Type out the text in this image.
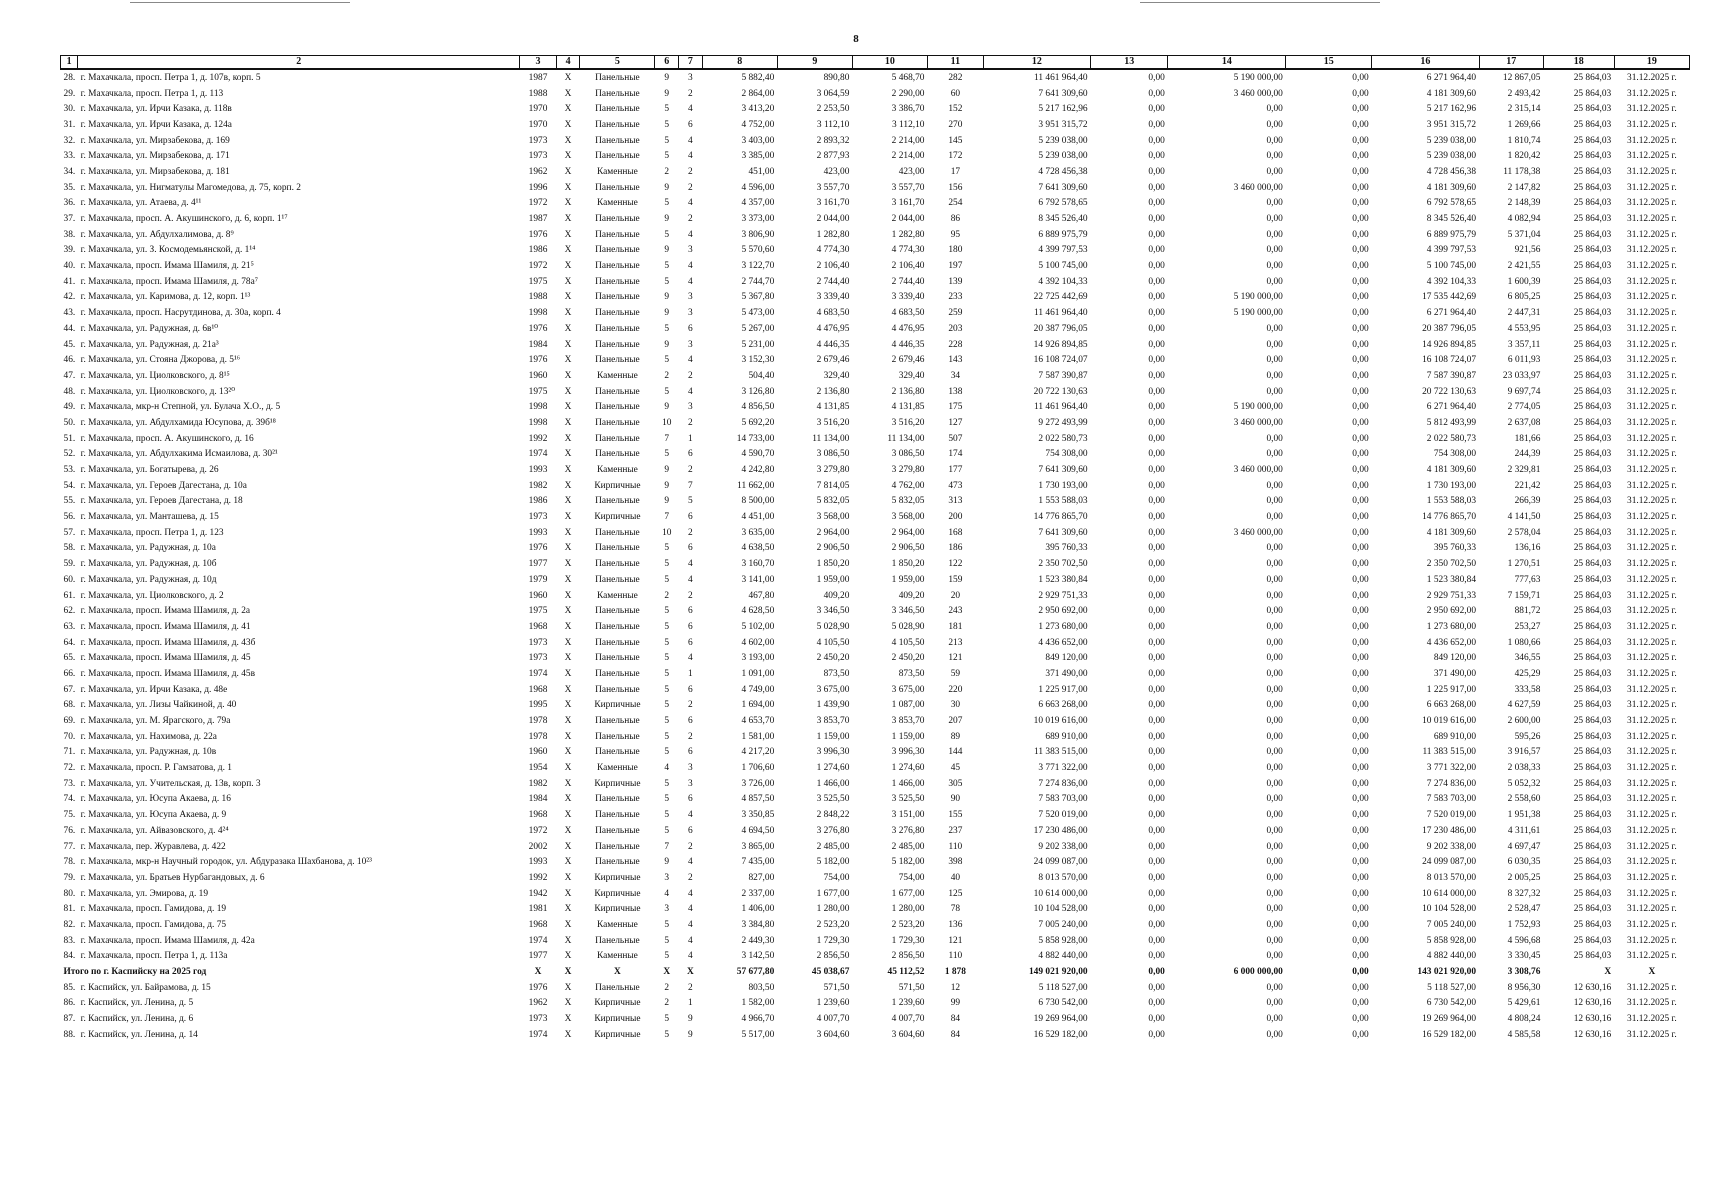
8
1	2	3	4	5	6	7	8	9	10	11	12	13	14	15	16	17	18	19
28.	г. Махачкала, просп. Петра 1, д. 107в, корп. 5	1987	X	Панельные	9	3	5 882,40	890,80	5 468,70	282	11 461 964,40	0,00	5 190 000,00	0,00	6 271 964,40	12 867,05	25 864,03	31.12.2025 г.
29.	г. Махачкала, просп. Петра 1, д. 113	1988	X	Панельные	9	2	2 864,00	3 064,59	2 290,00	60	7 641 309,60	0,00	3 460 000,00	0,00	4 181 309,60	2 493,42	25 864,03	31.12.2025 г.
30.	г. Махачкала, ул. Ирчи Казака, д. 118в	1970	X	Панельные	5	4	3 413,20	2 253,50	3 386,70	152	5 217 162,96	0,00	0,00	0,00	5 217 162,96	2 315,14	25 864,03	31.12.2025 г.
31.	г. Махачкала, ул. Ирчи Казака, д. 124а	1970	X	Панельные	5	6	4 752,00	3 112,10	3 112,10	270	3 951 315,72	0,00	0,00	0,00	3 951 315,72	1 269,66	25 864,03	31.12.2025 г.
32.	г. Махачкала, ул. Мирзабекова, д. 169	1973	X	Панельные	5	4	3 403,00	2 893,32	2 214,00	145	5 239 038,00	0,00	0,00	0,00	5 239 038,00	1 810,74	25 864,03	31.12.2025 г.
33.	г. Махачкала, ул. Мирзабекова, д. 171	1973	X	Панельные	5	4	3 385,00	2 877,93	2 214,00	172	5 239 038,00	0,00	0,00	0,00	5 239 038,00	1 820,42	25 864,03	31.12.2025 г.
34.	г. Махачкала, ул. Мирзабекова, д. 181	1962	X	Каменные	2	2	451,00	423,00	423,00	17	4 728 456,38	0,00	0,00	0,00	4 728 456,38	11 178,38	25 864,03	31.12.2025 г.
35.	г. Махачкала, ул. Нигматулы Магомедова, д. 75, корп. 2	1996	X	Панельные	9	2	4 596,00	3 557,70	3 557,70	156	7 641 309,60	0,00	3 460 000,00	0,00	4 181 309,60	2 147,82	25 864,03	31.12.2025 г.
36.	г. Махачкала, ул. Атаева, д. 4¹¹	1972	X	Каменные	5	4	4 357,00	3 161,70	3 161,70	254	6 792 578,65	0,00	0,00	0,00	6 792 578,65	2 148,39	25 864,03	31.12.2025 г.
37.	г. Махачкала, просп. А. Акушинского, д. 6, корп. 1¹⁷	1987	X	Панельные	9	2	3 373,00	2 044,00	2 044,00	86	8 345 526,40	0,00	0,00	0,00	8 345 526,40	4 082,94	25 864,03	31.12.2025 г.
38.	г. Махачкала, ул. Абдулхалимова, д. 8⁹	1976	X	Панельные	5	4	3 806,90	1 282,80	1 282,80	95	6 889 975,79	0,00	0,00	0,00	6 889 975,79	5 371,04	25 864,03	31.12.2025 г.
39.	г. Махачкала, ул. З. Космодемьянской, д. 1¹⁴	1986	X	Панельные	9	3	5 570,60	4 774,30	4 774,30	180	4 399 797,53	0,00	0,00	0,00	4 399 797,53	921,56	25 864,03	31.12.2025 г.
40.	г. Махачкала, просп. Имама Шамиля, д. 21⁵	1972	X	Панельные	5	4	3 122,70	2 106,40	2 106,40	197	5 100 745,00	0,00	0,00	0,00	5 100 745,00	2 421,55	25 864,03	31.12.2025 г.
41.	г. Махачкала, просп. Имама Шамиля, д. 78а⁷	1975	X	Панельные	5	4	2 744,70	2 744,40	2 744,40	139	4 392 104,33	0,00	0,00	0,00	4 392 104,33	1 600,39	25 864,03	31.12.2025 г.
42.	г. Махачкала, ул. Каримова, д. 12, корп. 1¹³	1988	X	Панельные	9	3	5 367,80	3 339,40	3 339,40	233	22 725 442,69	0,00	5 190 000,00	0,00	17 535 442,69	6 805,25	25 864,03	31.12.2025 г.
43.	г. Махачкала, просп. Насрутдинова, д. 30а, корп. 4	1998	X	Панельные	9	3	5 473,00	4 683,50	4 683,50	259	11 461 964,40	0,00	5 190 000,00	0,00	6 271 964,40	2 447,31	25 864,03	31.12.2025 г.
44.	г. Махачкала, ул. Радужная, д. 6в¹⁰	1976	X	Панельные	5	6	5 267,00	4 476,95	4 476,95	203	20 387 796,05	0,00	0,00	0,00	20 387 796,05	4 553,95	25 864,03	31.12.2025 г.
45.	г. Махачкала, ул. Радужная, д. 21а³	1984	X	Панельные	9	3	5 231,00	4 446,35	4 446,35	228	14 926 894,85	0,00	0,00	0,00	14 926 894,85	3 357,11	25 864,03	31.12.2025 г.
46.	г. Махачкала, ул. Стояна Джорова, д. 5¹⁶	1976	X	Панельные	5	4	3 152,30	2 679,46	2 679,46	143	16 108 724,07	0,00	0,00	0,00	16 108 724,07	6 011,93	25 864,03	31.12.2025 г.
47.	г. Махачкала, ул. Циолковского, д. 8¹⁵	1960	X	Каменные	2	2	504,40	329,40	329,40	34	7 587 390,87	0,00	0,00	0,00	7 587 390,87	23 033,97	25 864,03	31.12.2025 г.
48.	г. Махачкала, ул. Циолковского, д. 13²⁰	1975	X	Панельные	5	4	3 126,80	2 136,80	2 136,80	138	20 722 130,63	0,00	0,00	0,00	20 722 130,63	9 697,74	25 864,03	31.12.2025 г.
49.	г. Махачкала, мкр-н Степной, ул. Булача Х.О., д. 5	1998	X	Панельные	9	3	4 856,50	4 131,85	4 131,85	175	11 461 964,40	0,00	5 190 000,00	0,00	6 271 964,40	2 774,05	25 864,03	31.12.2025 г.
50.	г. Махачкала, ул. Абдулхамида Юсупова, д. 39б¹⁸	1998	X	Панельные	10	2	5 692,20	3 516,20	3 516,20	127	9 272 493,99	0,00	3 460 000,00	0,00	5 812 493,99	2 637,08	25 864,03	31.12.2025 г.
51.	г. Махачкала, просп. А. Акушинского, д. 16	1992	X	Панельные	7	1	14 733,00	11 134,00	11 134,00	507	2 022 580,73	0,00	0,00	0,00	2 022 580,73	181,66	25 864,03	31.12.2025 г.
52.	г. Махачкала, ул. Абдулхакима Исмаилова, д. 30²¹	1974	X	Панельные	5	6	4 590,70	3 086,50	3 086,50	174	754 308,00	0,00	0,00	0,00	754 308,00	244,39	25 864,03	31.12.2025 г.
53.	г. Махачкала, ул. Богатырева, д. 26	1993	X	Каменные	9	2	4 242,80	3 279,80	3 279,80	177	7 641 309,60	0,00	3 460 000,00	0,00	4 181 309,60	2 329,81	25 864,03	31.12.2025 г.
54.	г. Махачкала, ул. Героев Дагестана, д. 10а	1982	X	Кирпичные	9	7	11 662,00	7 814,05	4 762,00	473	1 730 193,00	0,00	0,00	0,00	1 730 193,00	221,42	25 864,03	31.12.2025 г.
55.	г. Махачкала, ул. Героев Дагестана, д. 18	1986	X	Панельные	9	5	8 500,00	5 832,05	5 832,05	313	1 553 588,03	0,00	0,00	0,00	1 553 588,03	266,39	25 864,03	31.12.2025 г.
56.	г. Махачкала, ул. Манташева, д. 15	1973	X	Кирпичные	7	6	4 451,00	3 568,00	3 568,00	200	14 776 865,70	0,00	0,00	0,00	14 776 865,70	4 141,50	25 864,03	31.12.2025 г.
57.	г. Махачкала, просп. Петра 1, д. 123	1993	X	Панельные	10	2	3 635,00	2 964,00	2 964,00	168	7 641 309,60	0,00	3 460 000,00	0,00	4 181 309,60	2 578,04	25 864,03	31.12.2025 г.
58.	г. Махачкала, ул. Радужная, д. 10а	1976	X	Панельные	5	6	4 638,50	2 906,50	2 906,50	186	395 760,33	0,00	0,00	0,00	395 760,33	136,16	25 864,03	31.12.2025 г.
59.	г. Махачкала, ул. Радужная, д. 10б	1977	X	Панельные	5	4	3 160,70	1 850,20	1 850,20	122	2 350 702,50	0,00	0,00	0,00	2 350 702,50	1 270,51	25 864,03	31.12.2025 г.
60.	г. Махачкала, ул. Радужная, д. 10д	1979	X	Панельные	5	4	3 141,00	1 959,00	1 959,00	159	1 523 380,84	0,00	0,00	0,00	1 523 380,84	777,63	25 864,03	31.12.2025 г.
61.	г. Махачкала, ул. Циолковского, д. 2	1960	X	Каменные	2	2	467,80	409,20	409,20	20	2 929 751,33	0,00	0,00	0,00	2 929 751,33	7 159,71	25 864,03	31.12.2025 г.
62.	г. Махачкала, просп. Имама Шамиля, д. 2а	1975	X	Панельные	5	6	4 628,50	3 346,50	3 346,50	243	2 950 692,00	0,00	0,00	0,00	2 950 692,00	881,72	25 864,03	31.12.2025 г.
63.	г. Махачкала, просп. Имама Шамиля, д. 41	1968	X	Панельные	5	6	5 102,00	5 028,90	5 028,90	181	1 273 680,00	0,00	0,00	0,00	1 273 680,00	253,27	25 864,03	31.12.2025 г.
64.	г. Махачкала, просп. Имама Шамиля, д. 43б	1973	X	Панельные	5	6	4 602,00	4 105,50	4 105,50	213	4 436 652,00	0,00	0,00	0,00	4 436 652,00	1 080,66	25 864,03	31.12.2025 г.
65.	г. Махачкала, просп. Имама Шамиля, д. 45	1973	X	Панельные	5	4	3 193,00	2 450,20	2 450,20	121	849 120,00	0,00	0,00	0,00	849 120,00	346,55	25 864,03	31.12.2025 г.
66.	г. Махачкала, просп. Имама Шамиля, д. 45в	1974	X	Панельные	5	1	1 091,00	873,50	873,50	59	371 490,00	0,00	0,00	0,00	371 490,00	425,29	25 864,03	31.12.2025 г.
67.	г. Махачкала, ул. Ирчи Казака, д. 48е	1968	X	Панельные	5	6	4 749,00	3 675,00	3 675,00	220	1 225 917,00	0,00	0,00	0,00	1 225 917,00	333,58	25 864,03	31.12.2025 г.
68.	г. Махачкала, ул. Лизы Чайкиной, д. 40	1995	X	Кирпичные	5	2	1 694,00	1 439,90	1 087,00	30	6 663 268,00	0,00	0,00	0,00	6 663 268,00	4 627,59	25 864,03	31.12.2025 г.
69.	г. Махачкала, ул. М. Ярагского, д. 79а	1978	X	Панельные	5	6	4 653,70	3 853,70	3 853,70	207	10 019 616,00	0,00	0,00	0,00	10 019 616,00	2 600,00	25 864,03	31.12.2025 г.
70.	г. Махачкала, ул. Нахимова, д. 22а	1978	X	Панельные	5	2	1 581,00	1 159,00	1 159,00	89	689 910,00	0,00	0,00	0,00	689 910,00	595,26	25 864,03	31.12.2025 г.
71.	г. Махачкала, ул. Радужная, д. 10в	1960	X	Панельные	5	6	4 217,20	3 996,30	3 996,30	144	11 383 515,00	0,00	0,00	0,00	11 383 515,00	3 916,57	25 864,03	31.12.2025 г.
72.	г. Махачкала, просп. Р. Гамзатова, д. 1	1954	X	Каменные	4	3	1 706,60	1 274,60	1 274,60	45	3 771 322,00	0,00	0,00	0,00	3 771 322,00	2 038,33	25 864,03	31.12.2025 г.
73.	г. Махачкала, ул. Учительская, д. 13в, корп. 3	1982	X	Кирпичные	5	3	3 726,00	1 466,00	1 466,00	305	7 274 836,00	0,00	0,00	0,00	7 274 836,00	5 052,32	25 864,03	31.12.2025 г.
74.	г. Махачкала, ул. Юсупа Акаева, д. 16	1984	X	Панельные	5	6	4 857,50	3 525,50	3 525,50	90	7 583 703,00	0,00	0,00	0,00	7 583 703,00	2 558,60	25 864,03	31.12.2025 г.
75.	г. Махачкала, ул. Юсупа Акаева, д. 9	1968	X	Панельные	5	4	3 350,85	2 848,22	3 151,00	155	7 520 019,00	0,00	0,00	0,00	7 520 019,00	1 951,38	25 864,03	31.12.2025 г.
76.	г. Махачкала, ул. Айвазовского, д. 4²⁴	1972	X	Панельные	5	6	4 694,50	3 276,80	3 276,80	237	17 230 486,00	0,00	0,00	0,00	17 230 486,00	4 311,61	25 864,03	31.12.2025 г.
77.	г. Махачкала, пер. Журавлева, д. 422	2002	X	Панельные	7	2	3 865,00	2 485,00	2 485,00	110	9 202 338,00	0,00	0,00	0,00	9 202 338,00	4 697,47	25 864,03	31.12.2025 г.
78.	г. Махачкала, мкр-н Научный городок, ул. Абдуразака Шахбанова, д. 10²³	1993	X	Панельные	9	4	7 435,00	5 182,00	5 182,00	398	24 099 087,00	0,00	0,00	0,00	24 099 087,00	6 030,35	25 864,03	31.12.2025 г.
79.	г. Махачкала, ул. Братьев Нурбагандовых, д. 6	1992	X	Кирпичные	3	2	827,00	754,00	754,00	40	8 013 570,00	0,00	0,00	0,00	8 013 570,00	2 005,25	25 864,03	31.12.2025 г.
80.	г. Махачкала, ул. Эмирова, д. 19	1942	X	Кирпичные	4	4	2 337,00	1 677,00	1 677,00	125	10 614 000,00	0,00	0,00	0,00	10 614 000,00	8 327,32	25 864,03	31.12.2025 г.
81.	г. Махачкала, просп. Гамидова, д. 19	1981	X	Кирпичные	3	4	1 406,00	1 280,00	1 280,00	78	10 104 528,00	0,00	0,00	0,00	10 104 528,00	2 528,47	25 864,03	31.12.2025 г.
82.	г. Махачкала, просп. Гамидова, д. 75	1968	X	Каменные	5	4	3 384,80	2 523,20	2 523,20	136	7 005 240,00	0,00	0,00	0,00	7 005 240,00	1 752,93	25 864,03	31.12.2025 г.
83.	г. Махачкала, просп. Имама Шамиля, д. 42а	1974	X	Панельные	5	4	2 449,30	1 729,30	1 729,30	121	5 858 928,00	0,00	0,00	0,00	5 858 928,00	4 596,68	25 864,03	31.12.2025 г.
84.	г. Махачкала, просп. Петра 1, д. 113а	1977	X	Каменные	5	4	3 142,50	2 856,50	2 856,50	110	4 882 440,00	0,00	0,00	0,00	4 882 440,00	3 330,45	25 864,03	31.12.2025 г.
Итого по г. Каспийску на 2025 год		X	X	X	X	X	57 677,80	45 038,67	45 112,52	1 878	149 021 920,00	0,00	6 000 000,00	0,00	143 021 920,00	3 308,76	X	X
85.	г. Каспийск, ул. Байрамова, д. 15	1976	X	Панельные	2	2	803,50	571,50	571,50	12	5 118 527,00	0,00	0,00	0,00	5 118 527,00	8 956,30	12 630,16	31.12.2025 г.
86.	г. Каспийск, ул. Ленина, д. 5	1962	X	Кирпичные	2	1	1 582,00	1 239,60	1 239,60	99	6 730 542,00	0,00	0,00	0,00	6 730 542,00	5 429,61	12 630,16	31.12.2025 г.
87.	г. Каспийск, ул. Ленина, д. 6	1973	X	Кирпичные	5	9	4 966,70	4 007,70	4 007,70	84	19 269 964,00	0,00	0,00	0,00	19 269 964,00	4 808,24	12 630,16	31.12.2025 г.
88.	г. Каспийск, ул. Ленина, д. 14	1974	X	Кирпичные	5	9	5 517,00	3 604,60	3 604,60	84	16 529 182,00	0,00	0,00	0,00	16 529 182,00	4 585,58	12 630,16	31.12.2025 г.
